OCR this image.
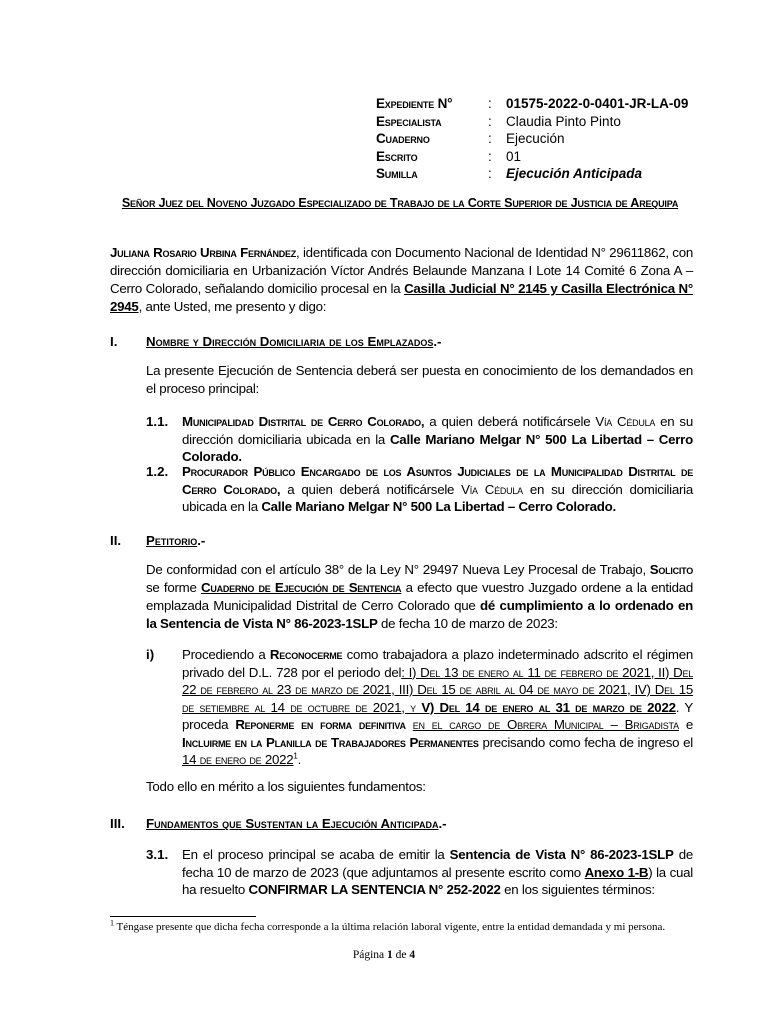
Expediente N°	:	01575-2022-0-0401-JR-LA-09
Especialista	:	Claudia Pinto Pinto
Cuaderno	:	Ejecución
Escrito	:	01
Sumilla	:	Ejecución Anticipada
Señor Juez del Noveno Juzgado Especializado de Trabajo de la Corte Superior de Justicia de Arequipa

Juliana Rosario Urbina Fernández, identificada con Documento Nacional de Identidad N° 29611862, con dirección domiciliaria en Urbanización Víctor Andrés Belaunde Manzana I Lote 14 Comité 6 Zona A – Cerro Colorado, señalando domicilio procesal en la Casilla Judicial N° 2145 y Casilla Electrónica N° 2945, ante Usted, me presento y digo:

I.	Nombre y Dirección Domiciliaria de los Emplazados.-
La presente Ejecución de Sentencia deberá ser puesta en conocimiento de los demandados en el proceso principal:
1.1.	Municipalidad Distrital de Cerro Colorado, a quien deberá notificársele Vía Cédula en su dirección domiciliaria ubicada en la Calle Mariano Melgar N° 500 La Libertad – Cerro Colorado.
1.2.	Procurador Público Encargado de los Asuntos Judiciales de la Municipalidad Distrital de Cerro Colorado, a quien deberá notificársele Vía Cédula en su dirección domiciliaria ubicada en la Calle Mariano Melgar N° 500 La Libertad – Cerro Colorado.
II.	Petitorio.-

De conformidad con el artículo 38° de la Ley N° 29497 Nueva Ley Procesal de Trabajo, Solicito se forme Cuaderno de Ejecución de Sentencia a efecto que vuestro Juzgado ordene a la entidad emplazada Municipalidad Distrital de Cerro Colorado que dé cumplimiento a lo ordenado en la Sentencia de Vista N° 86-2023-1SLP de fecha 10 de marzo de 2023:

i)	Procediendo a Reconocerme como trabajadora a plazo indeterminado adscrito el régimen privado del D.L. 728 por el periodo del: I) Del 13 de enero al 11 de febrero de 2021, II) Del 22 de febrero al 23 de marzo de 2021, III) Del 15 de abril al 04 de mayo de 2021, IV) Del 15 de setiembre al 14 de octubre de 2021, y V) Del 14 de enero al 31 de marzo de 2022. Y proceda Reponerme en forma definitiva en el cargo de Obrera Municipal – Brigadista e Incluirme en la Planilla de Trabajadores Permanentes precisando como fecha de ingreso el 14 de enero de 2022$^1$.
Todo ello en mérito a los siguientes fundamentos:
III.	Fundamentos que Sustentan la Ejecución Anticipada.-
3.1.	En el proceso principal se acaba de emitir la Sentencia de Vista N° 86-2023-1SLP de fecha 10 de marzo de 2023 (que adjuntamos al presente escrito como Anexo 1-B) la cual ha resuelto CONFIRMAR LA SENTENCIA N° 252-2022 en los siguientes términos:
$^1$ Téngase presente que dicha fecha corresponde a la última relación laboral vigente, entre la entidad demandada y mi persona.
Página 1 de 4
